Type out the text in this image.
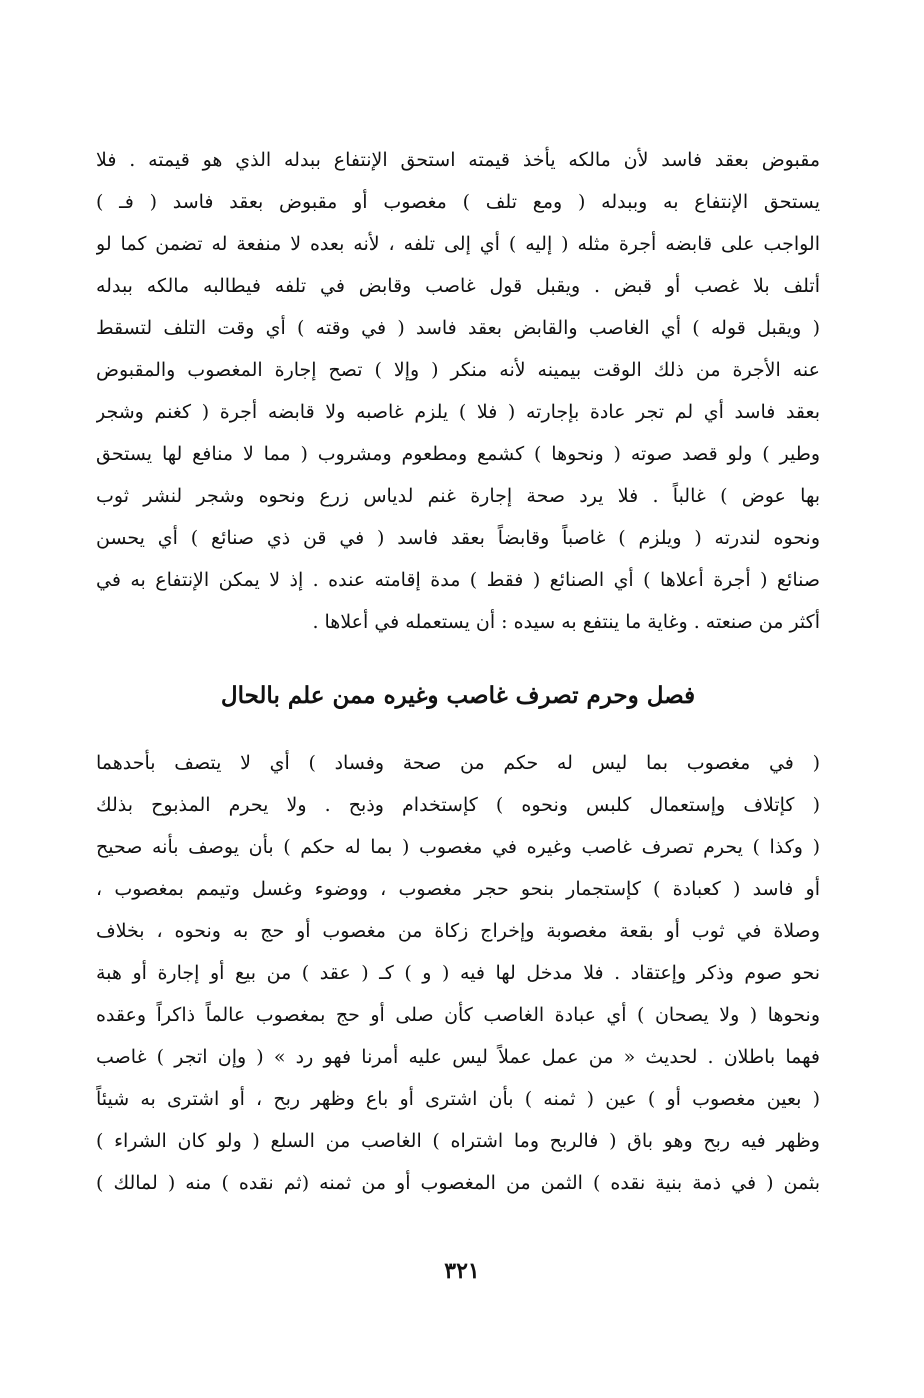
مقبوض بعقد فاسد لأن مالكه يأخذ قيمته استحق الإنتفاع ببدله الذي هو قيمته . فلا
يستحق الإنتفاع به وببدله ( ومع تلف ) مغصوب أو مقبوض بعقد فاسد ( فـ )
الواجب على قابضه أجرة مثله ( إليه ) أي إلى تلفه ، لأنه بعده لا منفعة له تضمن كما لو
أتلف بلا غصب أو قبض . ويقبل قول غاصب وقابض في تلفه فيطالبه مالكه ببدله
( ويقبل قوله ) أي الغاصب والقابض بعقد فاسد ( في وقته ) أي وقت التلف لتسقط
عنه الأجرة من ذلك الوقت بيمينه لأنه منكر ( وإلا ) تصح إجارة المغصوب والمقبوض
بعقد فاسد أي لم تجر عادة بإجارته ( فلا ) يلزم غاصبه ولا قابضه أجرة ( كغنم وشجر
وطير ) ولو قصد صوته ( ونحوها ) كشمع ومطعوم ومشروب ( مما لا منافع لها يستحق
بها عوض ) غالباً . فلا يرد صحة إجارة غنم لدياس زرع ونحوه وشجر لنشر ثوب
ونحوه لندرته ( ويلزم ) غاصباً وقابضاً بعقد فاسد ( في قن ذي صنائع ) أي يحسن
صنائع ( أجرة أعلاها ) أي الصنائع ( فقط ) مدة إقامته عنده . إذ لا يمكن الإنتفاع به في
أكثر من صنعته . وغاية ما ينتفع به سيده : أن يستعمله في أعلاها .
فصل وحرم تصرف غاصب وغيره ممن علم بالحال
( في مغصوب بما ليس له حكم من صحة وفساد ) أي لا يتصف بأحدهما
( كإتلاف وإستعمال كلبس ونحوه ) كإستخدام وذبح . ولا يحرم المذبوح بذلك
( وكذا ) يحرم تصرف غاصب وغيره في مغصوب ( بما له حكم ) بأن يوصف بأنه صحيح
أو فاسد ( كعبادة ) كإستجمار بنحو حجر مغصوب ، ووضوء وغسل وتيمم بمغصوب ،
وصلاة في ثوب أو بقعة مغصوبة وإخراج زكاة من مغصوب أو حج به ونحوه ، بخلاف
نحو صوم وذكر وإعتقاد . فلا مدخل لها فيه ( و ) كـ ( عقد ) من بيع أو إجارة أو هبة
ونحوها ( ولا يصحان ) أي عبادة الغاصب كأن صلى أو حج بمغصوب عالماً ذاكراً وعقده
فهما باطلان . لحديث « من عمل عملاً ليس عليه أمرنا فهو رد » ( وإن اتجر ) غاصب
( بعين مغصوب أو ) عين ( ثمنه ) بأن اشترى أو باع وظهر ربح ، أو اشترى به شيئاً
وظهر فيه ربح وهو باق ( فالربح وما اشتراه ) الغاصب من السلع ( ولو كان الشراء )
بثمن ( في ذمة بنية نقده ) الثمن من المغصوب أو من ثمنه (ثم نقده ) منه ( لمالك )
٣٢١
